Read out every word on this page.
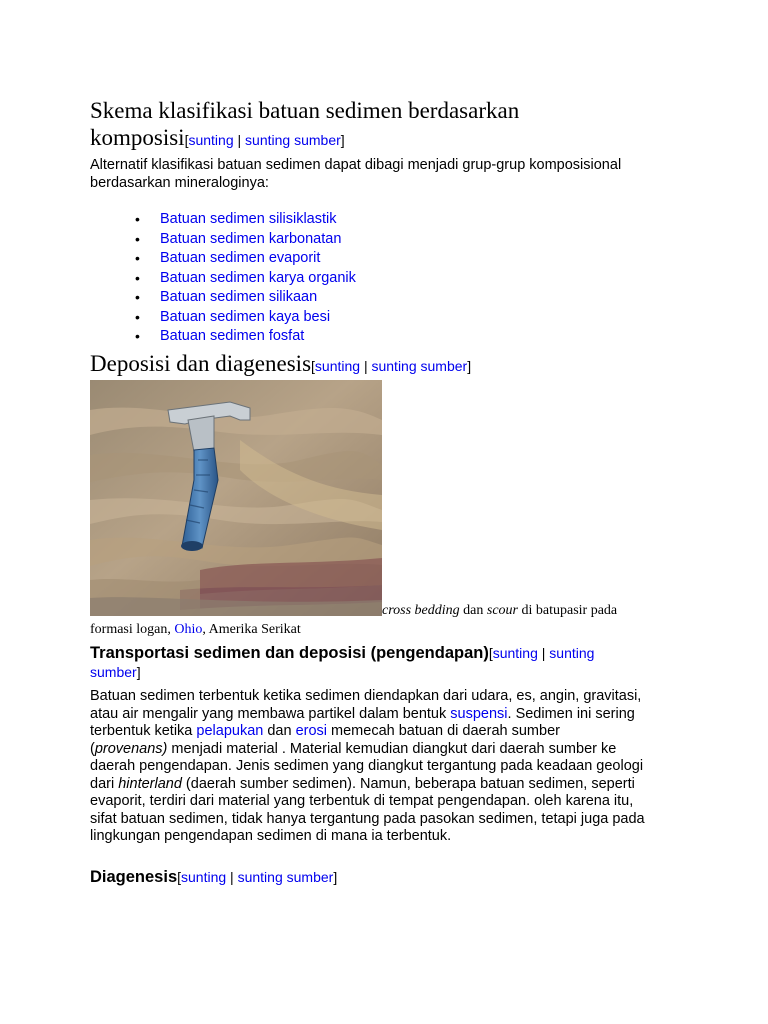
Skema klasifikasi batuan sedimen berdasarkan
komposisi[sunting | sunting sumber]
Alternatif klasifikasi batuan sedimen dapat dibagi menjadi grup-grup komposisional
berdasarkan mineraloginya:
• Batuan sedimen silisiklastik
• Batuan sedimen karbonatan
• Batuan sedimen evaporit
• Batuan sedimen karya organik
• Batuan sedimen silikaan
• Batuan sedimen kaya besi
• Batuan sedimen fosfat
Deposisi dan diagenesis[sunting | sunting sumber]
cross bedding dan scour di batupasir pada
formasi logan, Ohio, Amerika Serikat
Transportasi sedimen dan deposisi (pengendapan)[sunting | sunting
sumber]
Batuan sedimen terbentuk ketika sedimen diendapkan dari udara, es, angin, gravitasi,
atau air mengalir yang membawa partikel dalam bentuk suspensi. Sedimen ini sering
terbentuk ketika pelapukan dan erosi memecah batuan di daerah sumber
(provenans) menjadi material . Material kemudian diangkut dari daerah sumber ke
daerah pengendapan. Jenis sedimen yang diangkut tergantung pada keadaan geologi
dari hinterland (daerah sumber sedimen). Namun, beberapa batuan sedimen, seperti
evaporit, terdiri dari material yang terbentuk di tempat pengendapan. oleh karena itu,
sifat batuan sedimen, tidak hanya tergantung pada pasokan sedimen, tetapi juga pada
lingkungan pengendapan sedimen di mana ia terbentuk.
Diagenesis[sunting | sunting sumber]
